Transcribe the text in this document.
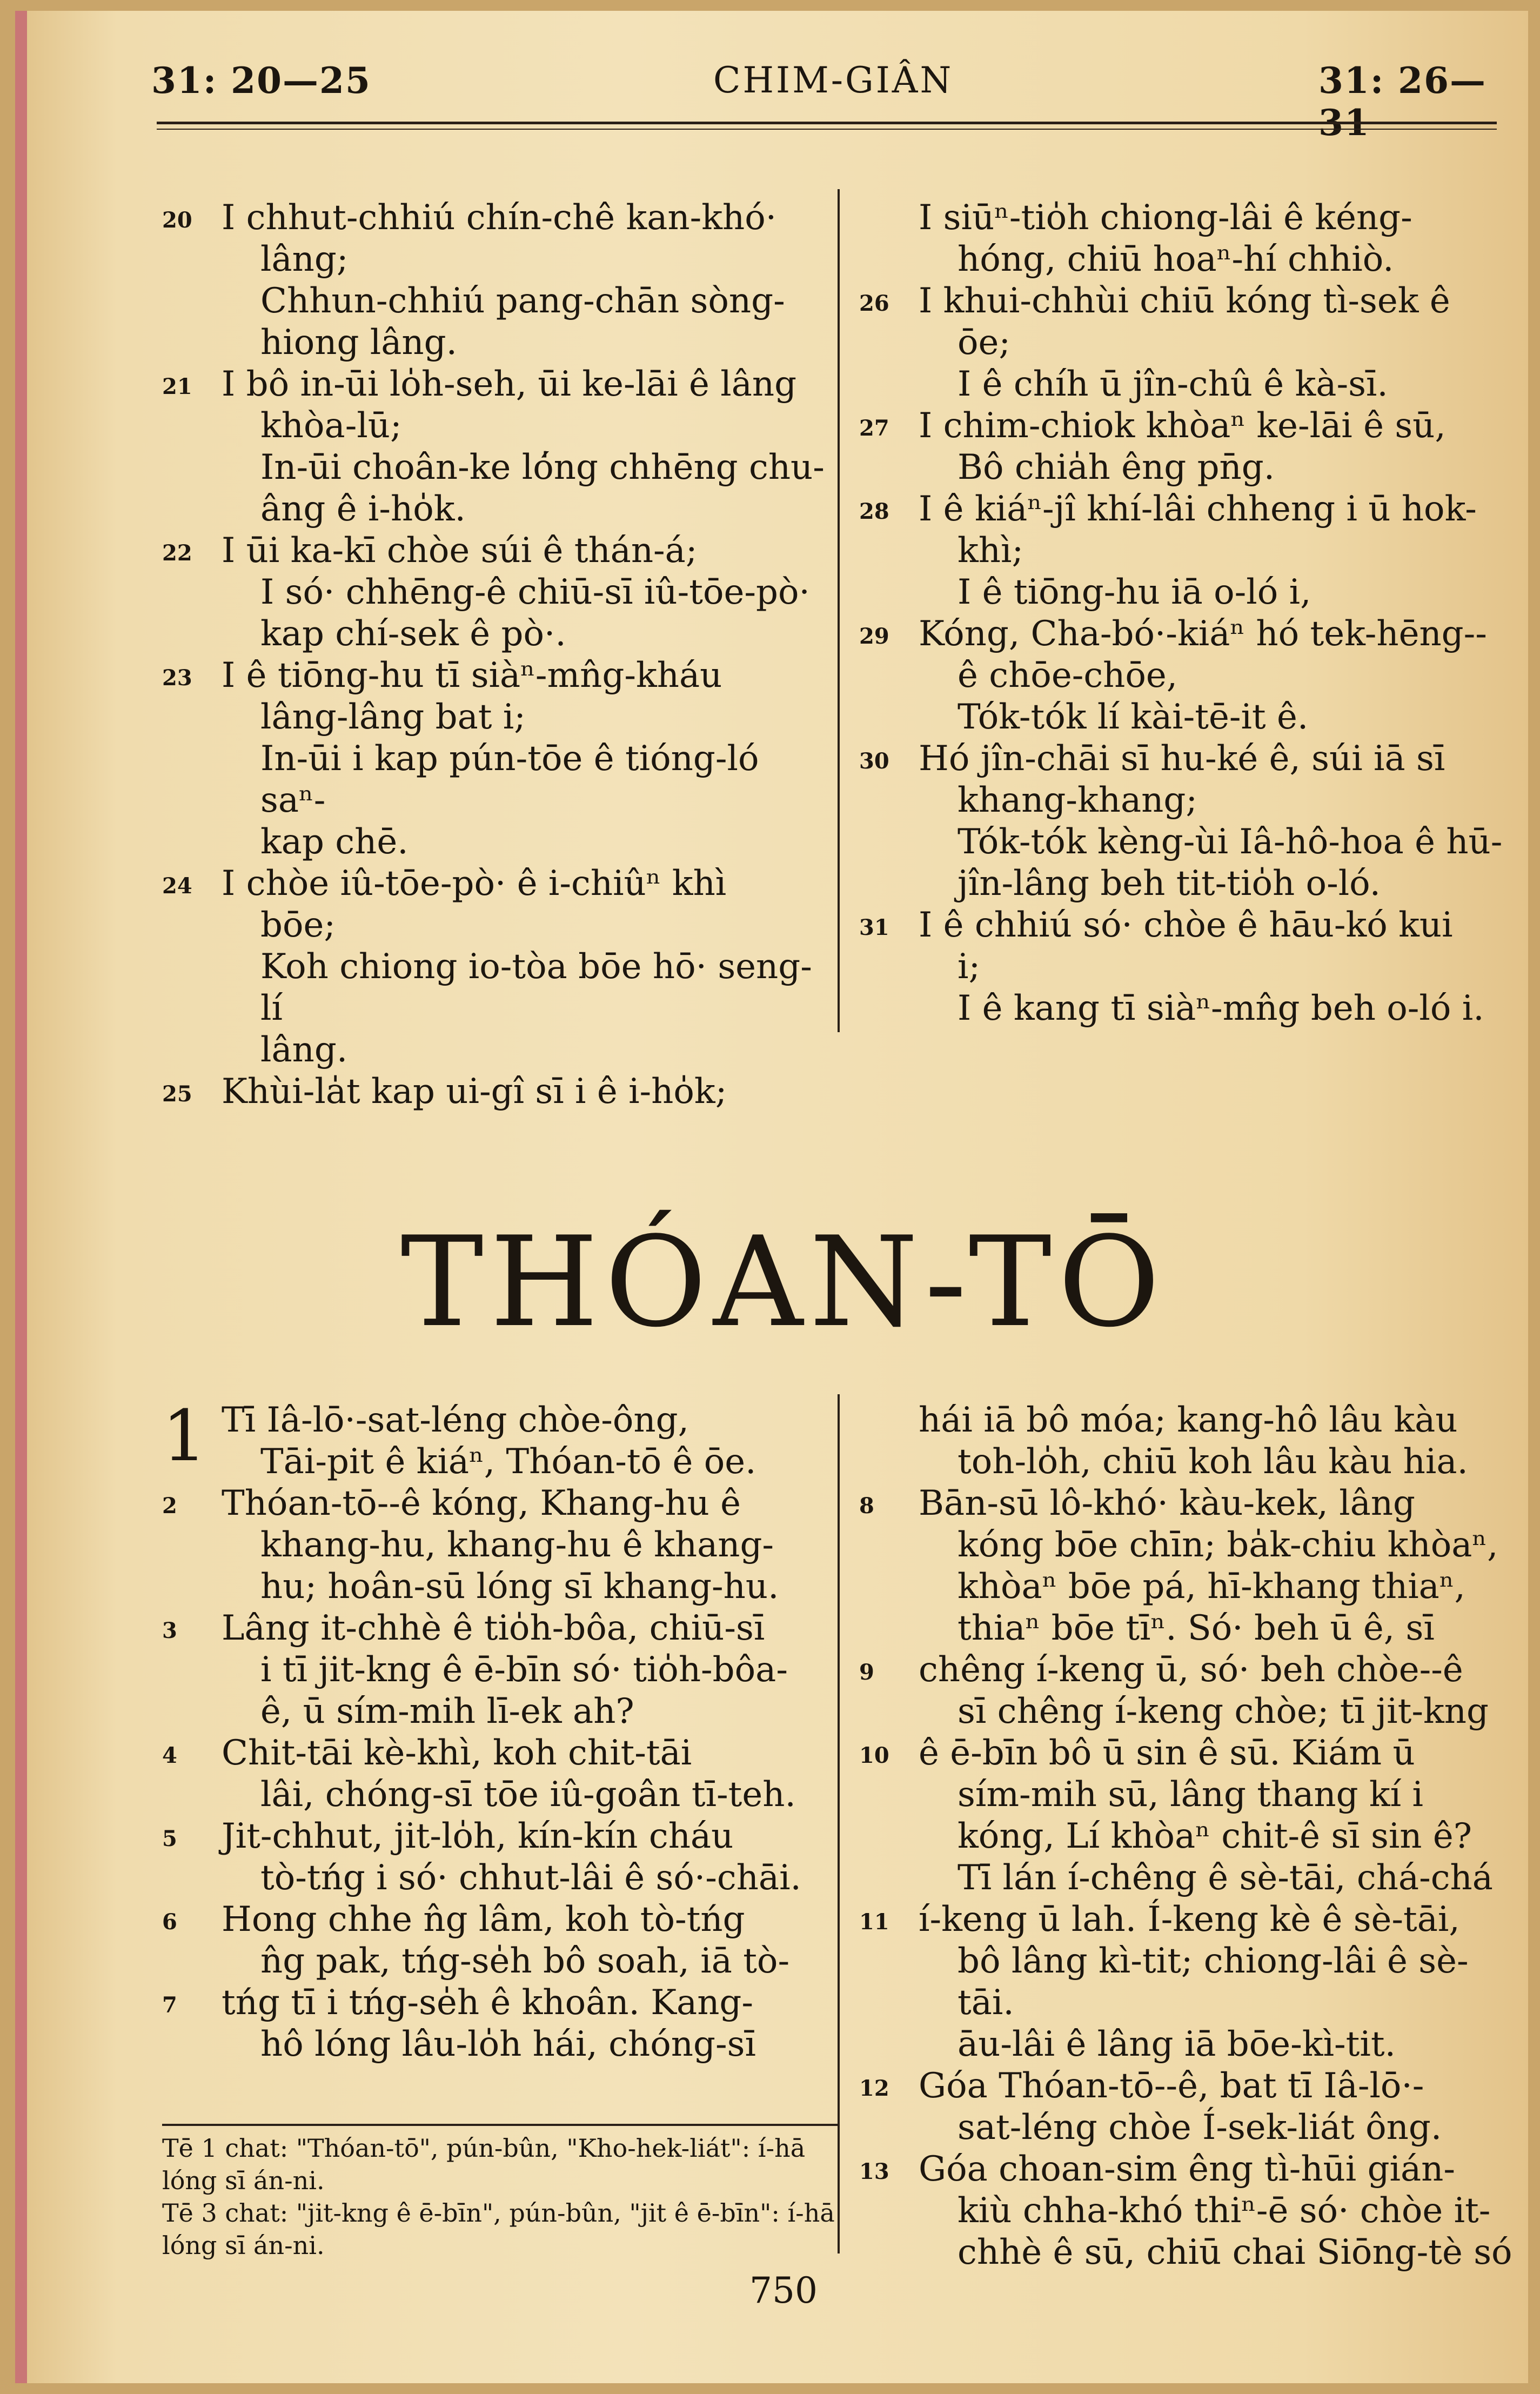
31: 20—25	CHIM-GIÂN	31: 26—31
20 I chhut-chhiú chín-chê kan-khó·
lâng;
Chhun-chhiú pang-chān sòng-
hiong lâng.
21 I bô in-ūi lo̍h-seh, ūi ke-lāi ê lâng
khòa-lū;
In-ūi choân-ke ló̍ng chhēng chu-
âng ê i-ho̍k.
22 I ūi ka-kī chòe súi ê thán-á;
I só· chhēng-ê chiū-sī iû-tōe-pò·
kap chí-sek ê pò·.
23 I ê tiōng-hu tī siàⁿ-mn̂g-kháu
lâng-lâng bat i;
In-ūi i kap pún-tōe ê tióng-ló saⁿ-
kap chē.
24 I chòe iû-tōe-pò· ê i-chiûⁿ khì
bōe;
Koh chiong io-tòa bōe hō· seng-lí
lâng.
25 Khùi-la̍t kap ui-gî sī i ê i-ho̍k;
I siūⁿ-tio̍h chiong-lâi ê kéng-
hóng, chiū hoaⁿ-hí chhiò.
26 I khui-chhùi chiū kóng tì-sek ê
ōe;
I ê chíh ū jîn-chû ê kà-sī.
27 I chim-chiok khòaⁿ ke-lāi ê sū,
Bô chia̍h êng pn̄g.
28 I ê kiáⁿ-jî khí-lâi chheng i ū hok-
khì;
I ê tiōng-hu iā o-ló i,
29 Kóng, Cha-bó·-kiáⁿ hó tek-hēng--
ê chōe-chōe,
Tók-tók lí kài-tē-it ê.
30 Hó jîn-chāi sī hu-ké ê, súi iā sī
khang-khang;
Tók-tók kèng-ùi Iâ-hô-hoa ê hū-
jîn-lâng beh tit-tio̍h o-ló.
31 I ê chhiú só· chòe ê hāu-kó kui
i;
I ê kang tī siàⁿ-mn̂g beh o-ló i.
THÓAN-TŌ
1 Tī Iâ-lō·-sat-léng chòe-ông,
Tāi-pit ê kiáⁿ, Thóan-tō ê ōe.
2 Thóan-tō--ê kóng, Khang-hu ê
khang-hu, khang-hu ê khang-
hu; hoân-sū lóng sī khang-hu.
3 Lâng it-chhè ê tio̍h-bôa, chiū-sī
i tī jit-kng ê ē-bīn só· tio̍h-bôa-
ê, ū sím-mih lī-ek ah?
4 Chit-tāi kè-khì, koh chit-tāi
lâi, chóng-sī tōe iû-goân tī-teh.
5 Jit-chhut, jit-lo̍h, kín-kín cháu
tò-tńg i só· chhut-lâi ê só·-chāi.
6 Hong chhe n̂g lâm, koh tò-tńg
n̂g pak, tńg-se̍h bô soah, iā tò-
7 tńg tī i tńg-se̍h ê khoân. Kang-
hô lóng lâu-lo̍h hái, chóng-sī
hái iā bô móa; kang-hô lâu kàu
toh-lo̍h, chiū koh lâu kàu hia.
8 Bān-sū lô-khó· kàu-kek, lâng
kóng bōe chīn; ba̍k-chiu khòaⁿ,
khòaⁿ bōe pá, hī-khang thiaⁿ,
thiaⁿ bōe tīⁿ. Só· beh ū ê, sī
9 chêng í-keng ū, só· beh chòe--ê
sī chêng í-keng chòe; tī jit-kng
10 ê ē-bīn bô ū sin ê sū. Kiám ū
sím-mih sū, lâng thang kí i
kóng, Lí khòaⁿ chit-ê sī sin ê?
Tī lán í-chêng ê sè-tāi, chá-chá
11 í-keng ū lah. Í-keng kè ê sè-tāi,
bô lâng kì-tit; chiong-lâi ê sè-tāi.
āu-lâi ê lâng iā bōe-kì-tit.
12 Góa Thóan-tō--ê, bat tī Iâ-lō·-
sat-léng chòe Í-sek-liát ông.
13 Góa choan-sim êng tì-hūi gián-
kiù chha-khó thiⁿ-ē só· chòe it-
chhè ê sū, chiū chai Siōng-tè só

Tē 1 chat: "Thóan-tō", pún-bûn, "Kho-hek-liát": í-hā lóng sī án-ni.

Tē 3 chat: "jit-kng ê ē-bīn", pún-bûn, "jit ê ē-bīn": í-hā lóng sī án-ni.

750
